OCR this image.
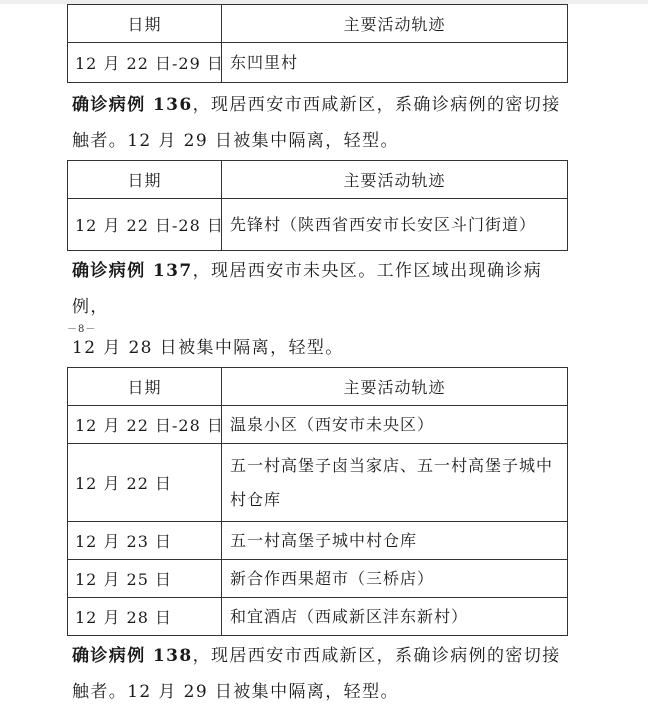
日期	主要活动轨迹
12 月 22 日-29 日	东凹里村

确诊病例 136，现居西安市西咸新区，系确诊病例的密切接
触者。12 月 29 日被集中隔离，轻型。

日期	主要活动轨迹
12 月 22 日-28 日	先锋村（陕西省西安市长安区斗门街道）

确诊病例 137，现居西安市未央区。工作区域出现确诊病例，

－8－

12 月 28 日被集中隔离，轻型。

日期	主要活动轨迹
12 月 22 日-28 日	温泉小区（西安市未央区）
12 月 22 日	五一村高堡子卤当家店、五一村高堡子城中村仓库
12 月 23 日	五一村高堡子城中村仓库
12 月 25 日	新合作西果超市（三桥店）
12 月 28 日	和宜酒店（西咸新区沣东新村）

确诊病例 138，现居西安市西咸新区，系确诊病例的密切接
触者。12 月 29 日被集中隔离，轻型。
